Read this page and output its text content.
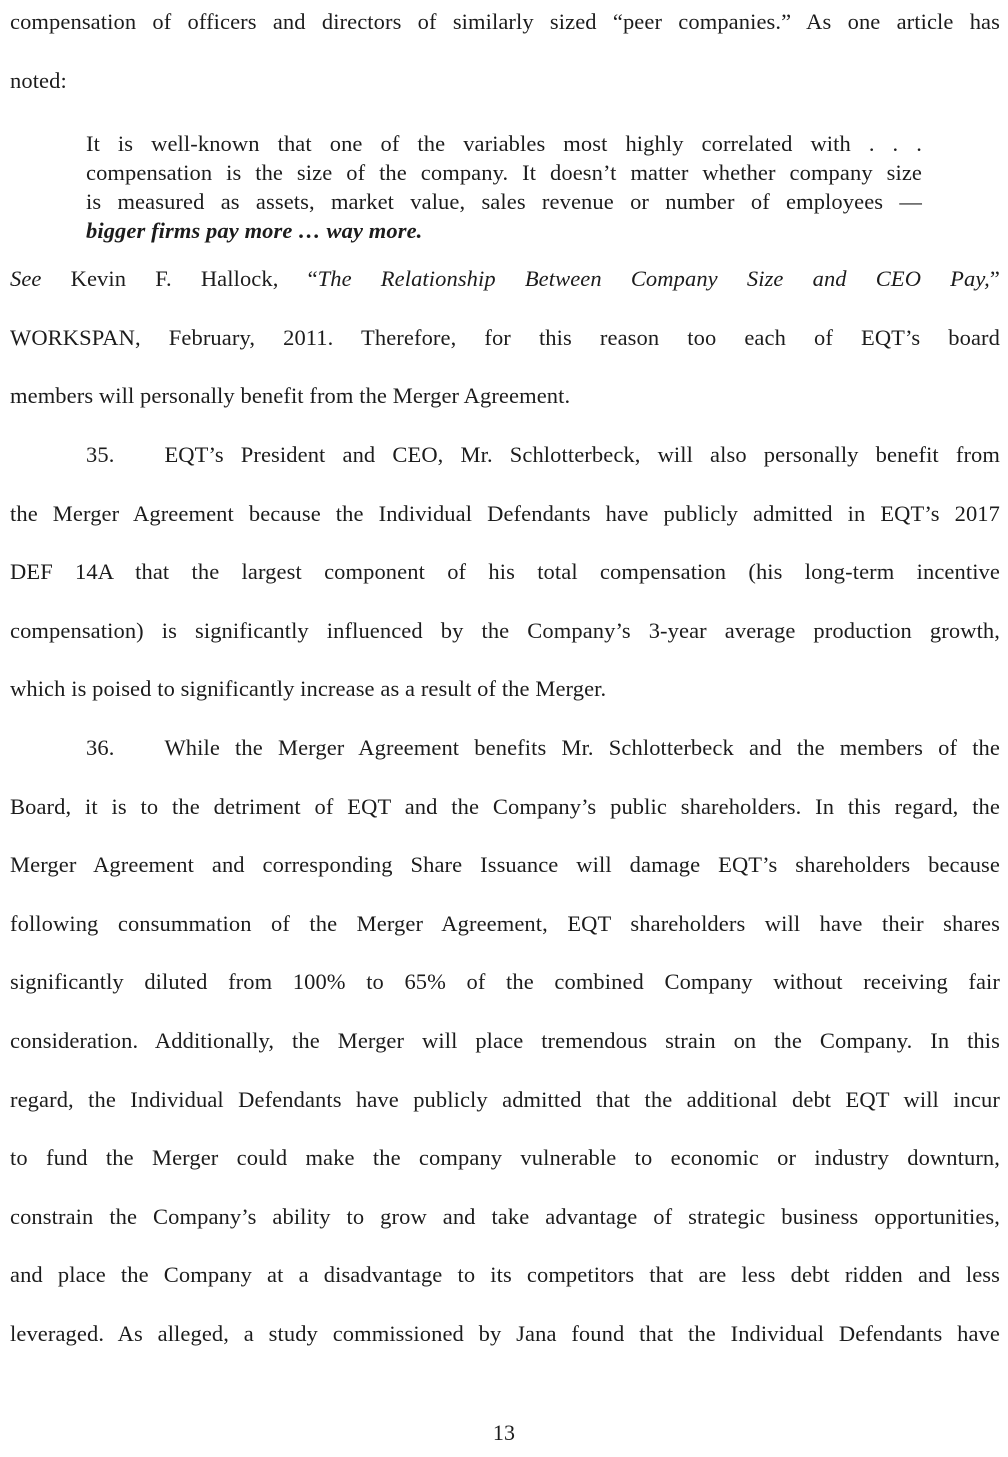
compensation of officers and directors of similarly sized “peer companies.” As one article has
noted:
It is well-known that one of the variables most highly correlated with . . .
compensation is the size of the company. It doesn’t matter whether company size
is measured as assets, market value, sales revenue or number of employees —
bigger firms pay more … way more.
See Kevin F. Hallock, “The Relationship Between Company Size and CEO Pay,”
WORKSPAN, February, 2011. Therefore, for this reason too each of EQT’s board
members will personally benefit from the Merger Agreement.
35. EQT’s President and CEO, Mr. Schlotterbeck, will also personally benefit from
the Merger Agreement because the Individual Defendants have publicly admitted in EQT’s 2017
DEF 14A that the largest component of his total compensation (his long-term incentive
compensation) is significantly influenced by the Company’s 3-year average production growth,
which is poised to significantly increase as a result of the Merger.
36. While the Merger Agreement benefits Mr. Schlotterbeck and the members of the
Board, it is to the detriment of EQT and the Company’s public shareholders. In this regard, the
Merger Agreement and corresponding Share Issuance will damage EQT’s shareholders because
following consummation of the Merger Agreement, EQT shareholders will have their shares
significantly diluted from 100% to 65% of the combined Company without receiving fair
consideration. Additionally, the Merger will place tremendous strain on the Company. In this
regard, the Individual Defendants have publicly admitted that the additional debt EQT will incur
to fund the Merger could make the company vulnerable to economic or industry downturn,
constrain the Company’s ability to grow and take advantage of strategic business opportunities,
and place the Company at a disadvantage to its competitors that are less debt ridden and less
leveraged. As alleged, a study commissioned by Jana found that the Individual Defendants have
13
